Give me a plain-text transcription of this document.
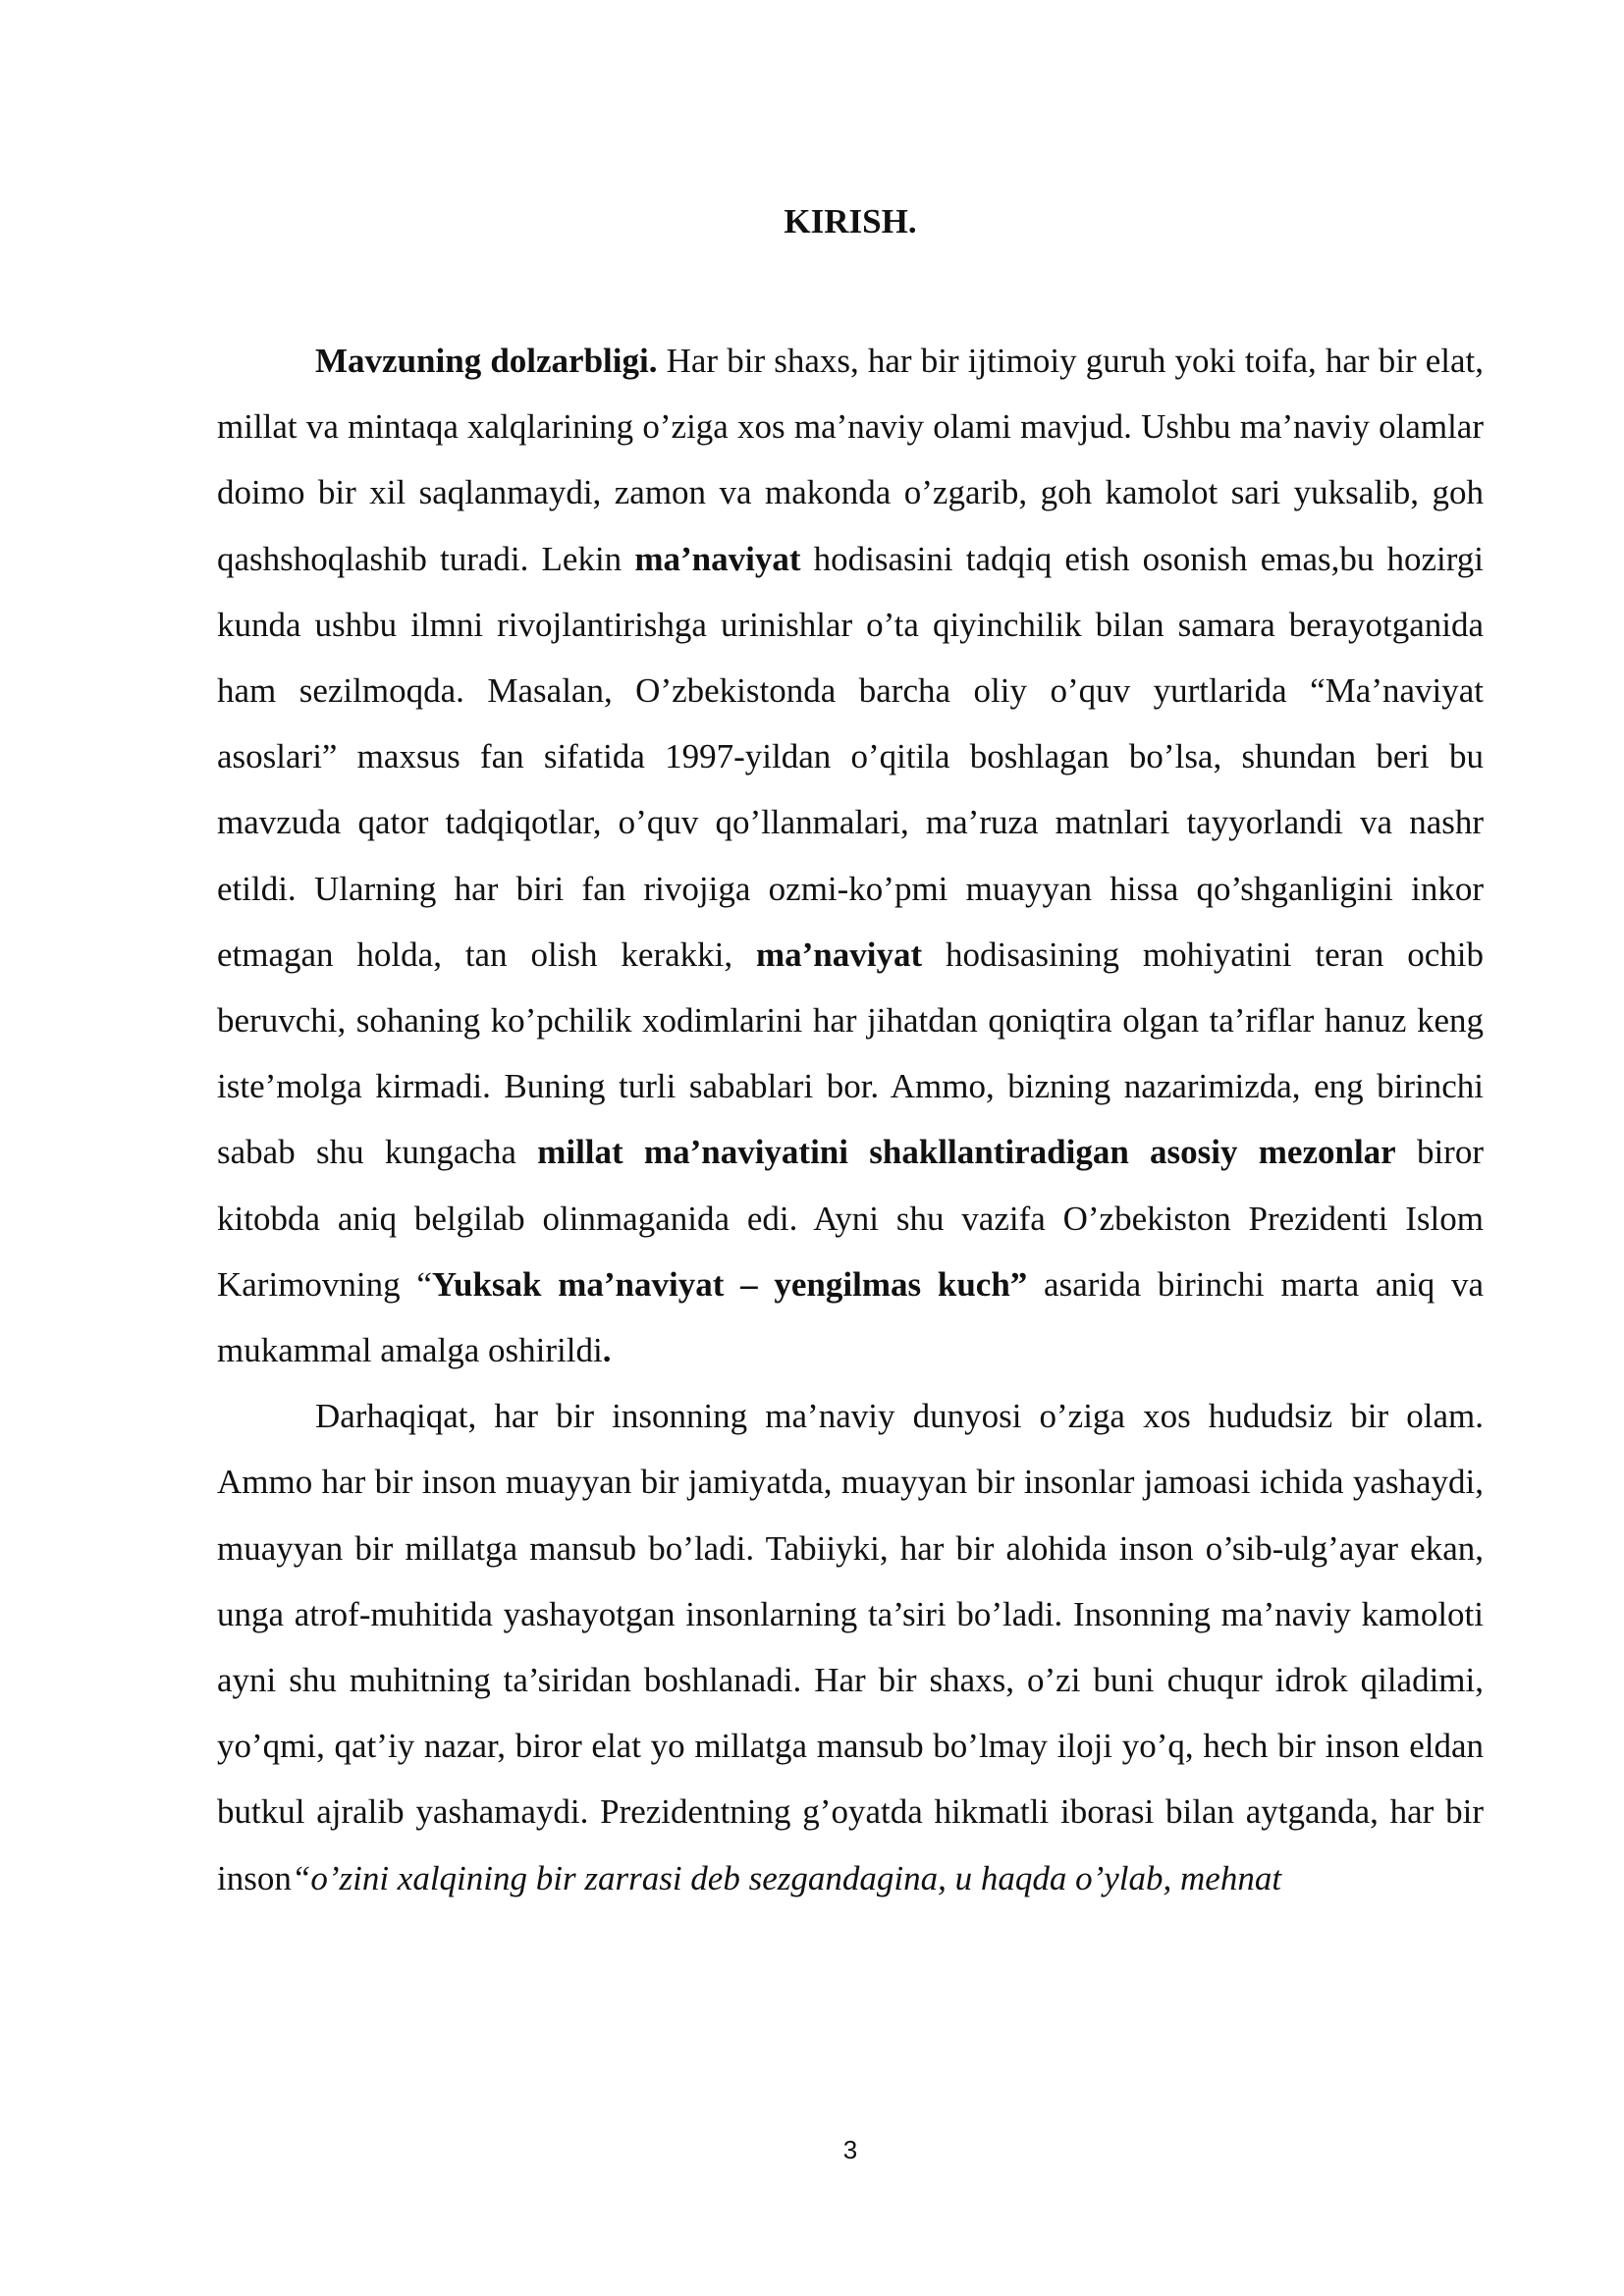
KIRISH.

Mavzuning dolzarbligi. Har bir shaxs, har bir ijtimoiy guruh yoki toifa, har bir elat, millat va mintaqa xalqlarining o’ziga xos ma’naviy olami mavjud. Ushbu ma’naviy olamlar doimo bir xil saqlanmaydi, zamon va makonda o’zgarib, goh kamolot sari yuksalib, goh qashshoqlashib turadi. Lekin ma’naviyat hodisasini tadqiq etish osonish emas,bu hozirgi kunda ushbu ilmni rivojlantirishga urinishlar o’ta qiyinchilik bilan samara berayotganida ham sezilmoqda. Masalan, O’zbekistonda barcha oliy o’quv yurtlarida “Ma’naviyat asoslari” maxsus fan sifatida 1997-yildan o’qitila boshlagan bo’lsa, shundan beri bu mavzuda qator tadqiqotlar, o’quv qo’llanmalari, ma’ruza matnlari tayyorlandi va nashr etildi. Ularning har biri fan rivojiga ozmi-ko’pmi muayyan hissa qo’shganligini inkor etmagan holda, tan olish kerakki, ma’naviyat hodisasining mohiyatini teran ochib beruvchi, sohaning ko’pchilik xodimlarini har jihatdan qoniqtira olgan ta’riflar hanuz keng iste’molga kirmadi. Buning turli sabablari bor. Ammo, bizning nazarimizda, eng birinchi sabab shu kungacha millat ma’naviyatini shakllantiradigan asosiy mezonlar biror kitobda aniq belgilab olinmaganida edi. Ayni shu vazifa O’zbekiston Prezidenti Islom Karimovning “Yuksak ma’naviyat – yengilmas kuch” asarida birinchi marta aniq va mukammal amalga oshirildi.

Darhaqiqat, har bir insonning ma’naviy dunyosi o’ziga xos hududsiz bir olam. Ammo har bir inson muayyan bir jamiyatda, muayyan bir insonlar jamoasi ichida yashaydi, muayyan bir millatga mansub bo’ladi. Tabiiyki, har bir alohida inson o’sib-ulg’ayar ekan, unga atrof-muhitida yashayotgan insonlarning ta’siri bo’ladi. Insonning ma’naviy kamoloti ayni shu muhitning ta’siridan boshlanadi. Har bir shaxs, o’zi buni chuqur idrok qiladimi, yo’qmi, qat’iy nazar, biror elat yo millatga mansub bo’lmay iloji yo’q, hech bir inson eldan butkul ajralib yashamaydi. Prezidentning g’oyatda hikmatli iborasi bilan aytganda, har bir inson“o’zini xalqining bir zarrasi deb sezgandagina, u haqda o’ylab, mehnat

3
